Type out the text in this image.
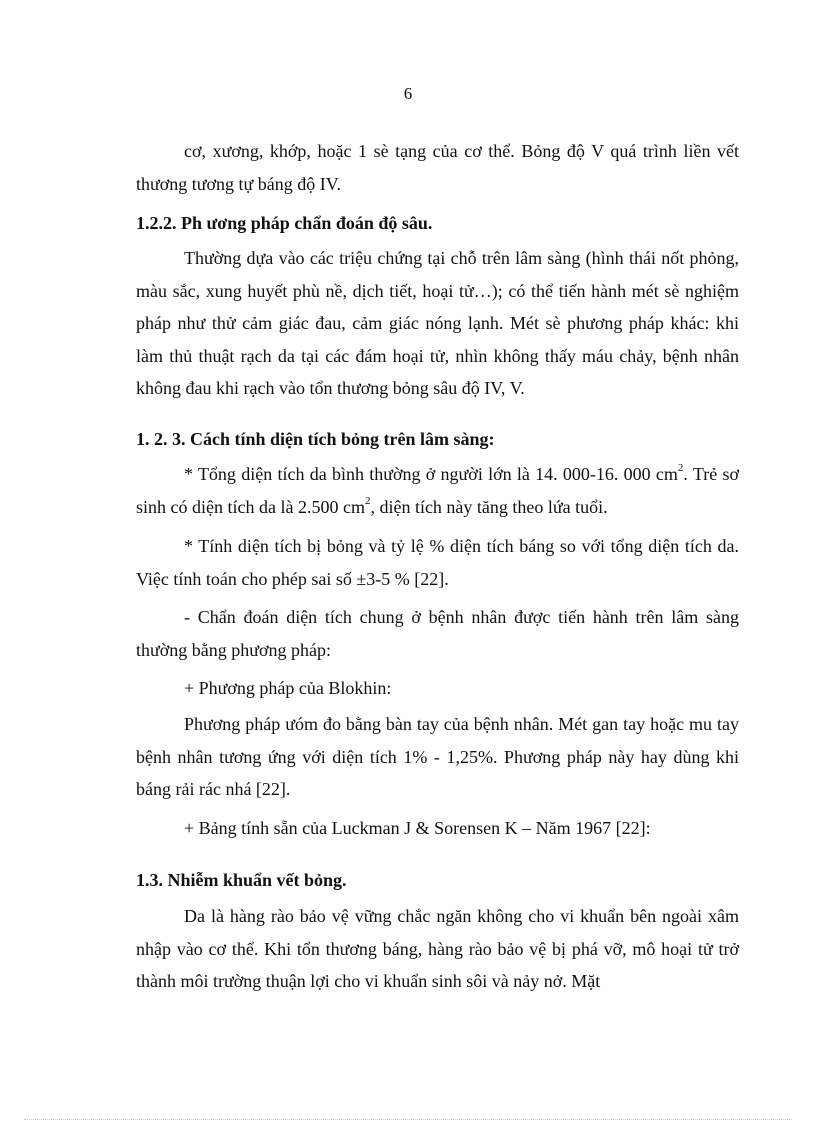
6

cơ, xương, khớp, hoặc 1 sè tạng của cơ thể. Bỏng độ V quá trình liền vết thương tương tự báng độ IV.

1.2.2. Ph ương pháp chẩn đoán độ sâu.

Thường dựa vào các triệu chứng tại chỗ trên lâm sàng (hình thái nốt phỏng, màu sắc, xung huyết phù nề, dịch tiết, hoại tử…); có thể tiến hành mét sè nghiệm pháp như thử cảm giác đau, cảm giác nóng lạnh. Mét sè phương pháp khác: khi làm thủ thuật rạch da tại các đám hoại tử, nhìn không thấy máu chảy, bệnh nhân không đau khi rạch vào tổn thương bỏng sâu độ IV, V.

1. 2. 3. Cách tính diện tích bỏng trên lâm sàng:

* Tổng diện tích da bình thường ở người lớn là 14. 000-16. 000 $cm^2$. Trẻ sơ sinh có diện tích da là 2.500 $cm^2$, diện tích này tăng theo lứa tuổi.

* Tính diện tích bị bỏng và tỷ lệ % diện tích báng so với tổng diện tích da. Việc tính toán cho phép sai số ±3-5 % [22].

- Chẩn đoán diện tích chung ở bệnh nhân được tiến hành trên lâm sàng thường bằng phương pháp:

+ Phương pháp của Blokhin:

Phương pháp ưóm đo bằng bàn tay của bệnh nhân. Mét gan tay hoặc mu tay bệnh nhân tương ứng với diện tích 1% - 1,25%. Phương pháp này hay dùng khi báng rải rác nhá [22].

+ Bảng tính sẵn của Luckman J & Sorensen K – Năm 1967 [22]:

1.3. Nhiễm khuẩn vết bỏng.

Da là hàng rào bảo vệ vững chắc ngăn không cho vi khuẩn bên ngoài xâm nhập vào cơ thể. Khi tổn thương báng, hàng rào bảo vệ bị phá vỡ, mô hoại tử trở thành môi trường thuận lợi cho vi khuẩn sinh sôi và nảy nở. Mặt
